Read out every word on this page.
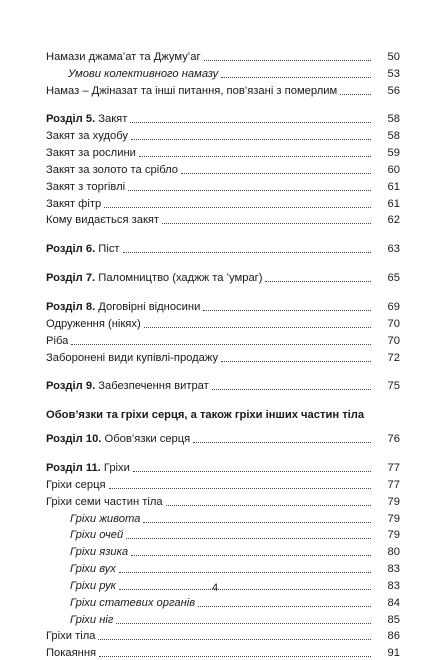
Намази джамаʻат та Джумуʻаг	50
Умови колективного намазу	53
Намаз – Джіназат та інші питання, пов’язані з померлим	56
Розділ 5. Закят	58
Закят за худобу	58
Закят за рослини	59
Закят за золото та срібло	60
Закят з торгівлі	61
Закят фітр	61
Кому видається закят	62
Розділ 6. Піст	63
Розділ 7. Паломництво (хаджж та ʻумраг)	65
Розділ 8. Договірні відносини	69
Одруження (нікях)	70
Ріба	70
Заборонені види купівлі-продажу	72
Розділ 9. Забезпечення витрат	75
Обов’язки та гріхи серця, а також гріхи інших частин тіла
Розділ 10. Обов’язки серця	76
Розділ 11. Гріхи	77
Гріхи серця	77
Гріхи семи частин тіла	79
Гріхи живота	79
Гріхи очей	79
Гріхи язика	80
Гріхи вух	83
Гріхи рук	83
Гріхи статевих органів	84
Гріхи ніг	85
Гріхи тіла	86
Покаяння	91
4
